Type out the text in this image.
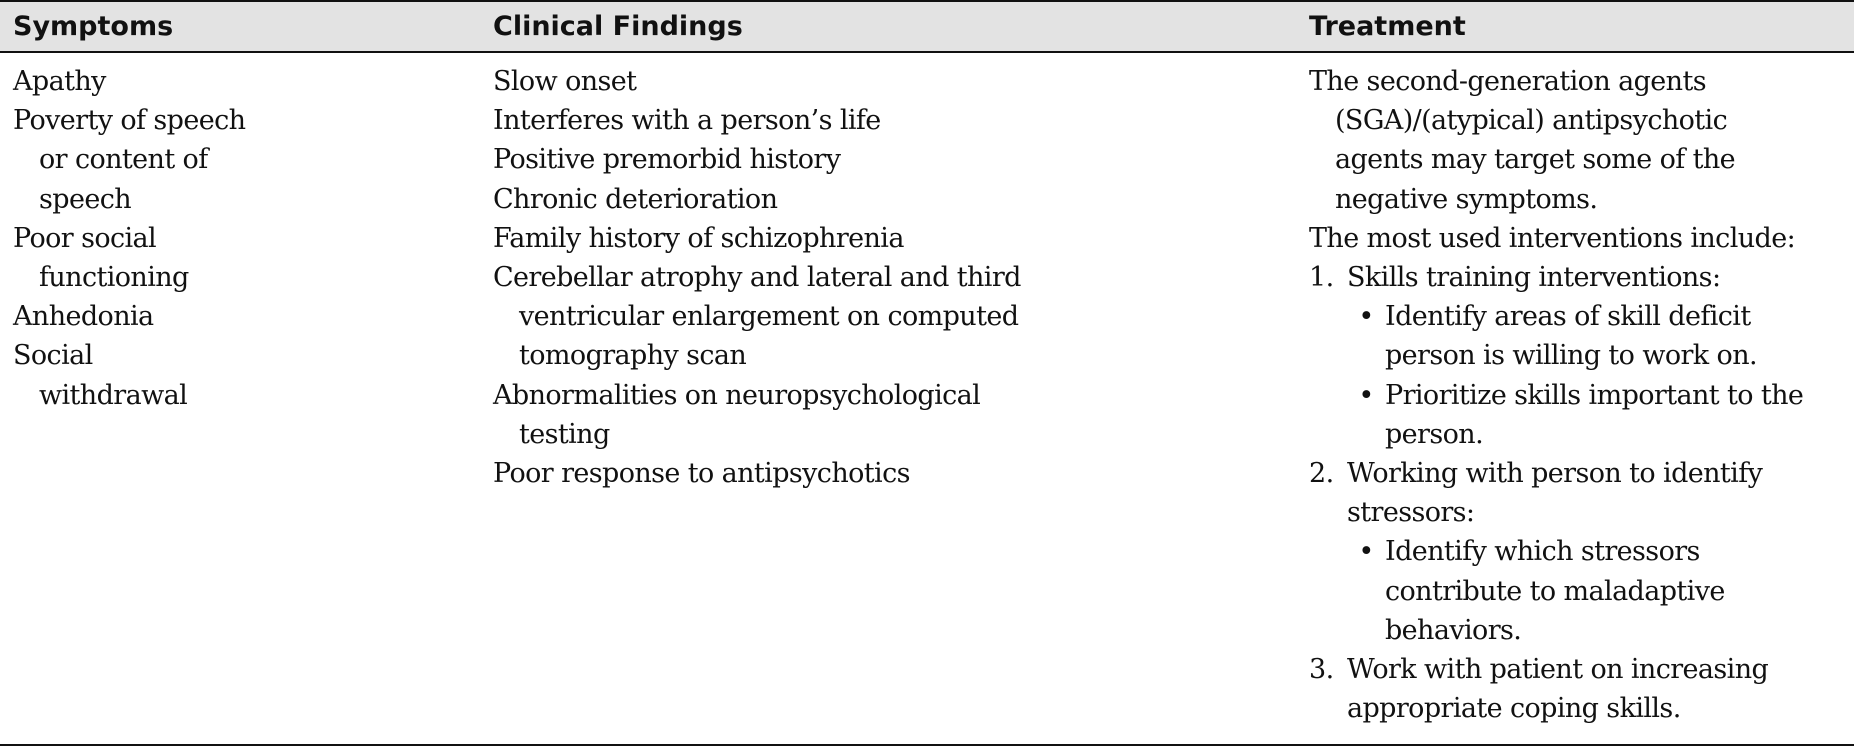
Symptoms	Clinical Findings	Treatment

Apathy

Poverty of speech
or content of
speech

Poor social
functioning

Anhedonia

Social
withdrawal

Slow onset

Interferes with a person’s life

Positive premorbid history

Chronic deterioration

Family history of schizophrenia

Cerebellar atrophy and lateral and third
ventricular enlargement on computed
tomography scan

Abnormalities on neuropsychological
testing

Poor response to antipsychotics

The second-generation agents
(SGA)/(atypical) antipsychotic
agents may target some of the
negative symptoms.

The most used interventions include:

1. Skills training interventions:
• Identify areas of skill deficit
person is willing to work on.
• Prioritize skills important to the
person.
2. Working with person to identify
stressors:
• Identify which stressors
contribute to maladaptive
behaviors.
3. Work with patient on increasing
appropriate coping skills.
